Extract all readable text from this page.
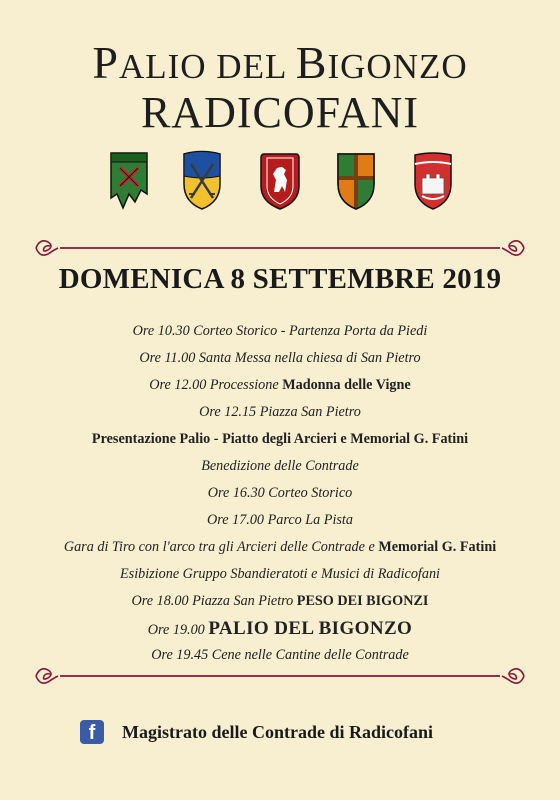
PALIO DEL BIGONZO
RADICOFANI
DOMENICA 8 SETTEMBRE 2019
Ore 10.30 Corteo Storico - Partenza Porta da Piedi
Ore 11.00 Santa Messa nella chiesa di San Pietro
Ore 12.00 Processione Madonna delle Vigne
Ore 12.15 Piazza San Pietro
Presentazione Palio - Piatto degli Arcieri e Memorial G. Fatini
Benedizione delle Contrade
Ore 16.30 Corteo Storico
Ore 17.00 Parco La Pista
Gara di Tiro con l'arco tra gli Arcieri delle Contrade e Memorial G. Fatini
Esibizione Gruppo Sbandieratoti e Musici di Radicofani
Ore 18.00 Piazza San Pietro PESO DEI BIGONZI
Ore 19.00 PALIO DEL BIGONZO
Ore 19.45 Cene nelle Cantine delle Contrade
f	Magistrato delle Contrade di Radicofani
